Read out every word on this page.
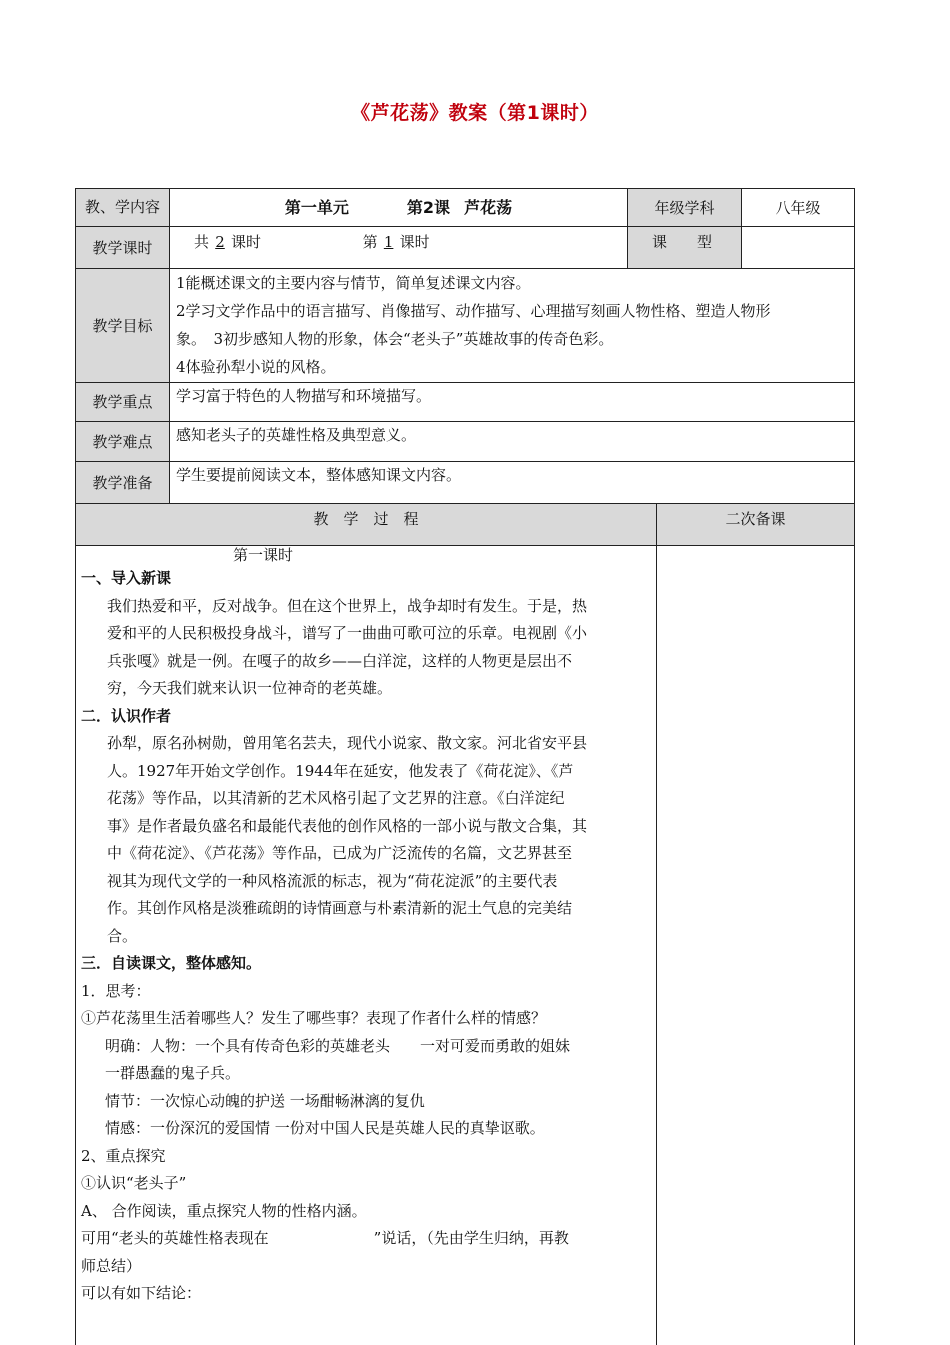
《芦花荡》教案（第1课时）
教、学内容	第一单元	第2课 芦花荡	年级学科	八年级
教学课时	共 2 课时	第 1 课时	课　　型
教学目标
1能概述课文的主要内容与情节，简单复述课文内容。
2学习文学作品中的语言描写、肖像描写、动作描写、心理描写刻画人物性格、塑造人物形
象。　3初步感知人物的形象，体会“老头子”英雄故事的传奇色彩。
4体验孙犁小说的风格。
教学重点	学习富于特色的人物描写和环境描写。
教学难点	感知老头子的英雄性格及典型意义。
教学准备	学生要提前阅读文本，整体感知课文内容。
教　学　过　程	二次备课

第一课时

一、导入新课

我们热爱和平，反对战争。但在这个世界上，战争却时有发生。于是，热

爱和平的人民积极投身战斗，谱写了一曲曲可歌可泣的乐章。电视剧《小

兵张嘎》就是一例。在嘎子的故乡——白洋淀，这样的人物更是层出不

穷，今天我们就来认识一位神奇的老英雄。

二．认识作者

孙犁，原名孙树勋，曾用笔名芸夫，现代小说家、散文家。河北省安平县

人。1927年开始文学创作。1944年在延安，他发表了《荷花淀》、《芦

花荡》等作品，以其清新的艺术风格引起了文艺界的注意。《白洋淀纪

事》是作者最负盛名和最能代表他的创作风格的一部小说与散文合集，其

中《荷花淀》、《芦花荡》等作品，已成为广泛流传的名篇，文艺界甚至

视其为现代文学的一种风格流派的标志，视为“荷花淀派”的主要代表

作。其创作风格是淡雅疏朗的诗情画意与朴素清新的泥土气息的完美结

合。

三．自读课文，整体感知。

1．思考：

①芦花荡里生活着哪些人？发生了哪些事？表现了作者什么样的情感？

明确：人物：一个具有传奇色彩的英雄老头　　一对可爱而勇敢的姐妹

一群愚蠢的鬼子兵。

情节：一次惊心动魄的护送 一场酣畅淋漓的复仇

情感：一份深沉的爱国情 一份对中国人民是英雄人民的真挚讴歌。

2、重点探究

①认识“老头子”

A、 合作阅读，重点探究人物的性格内涵。

可用“老头的英雄性格表现在　　　　　　　”说话，（先由学生归纳，再教

师总结）

可以有如下结论：
